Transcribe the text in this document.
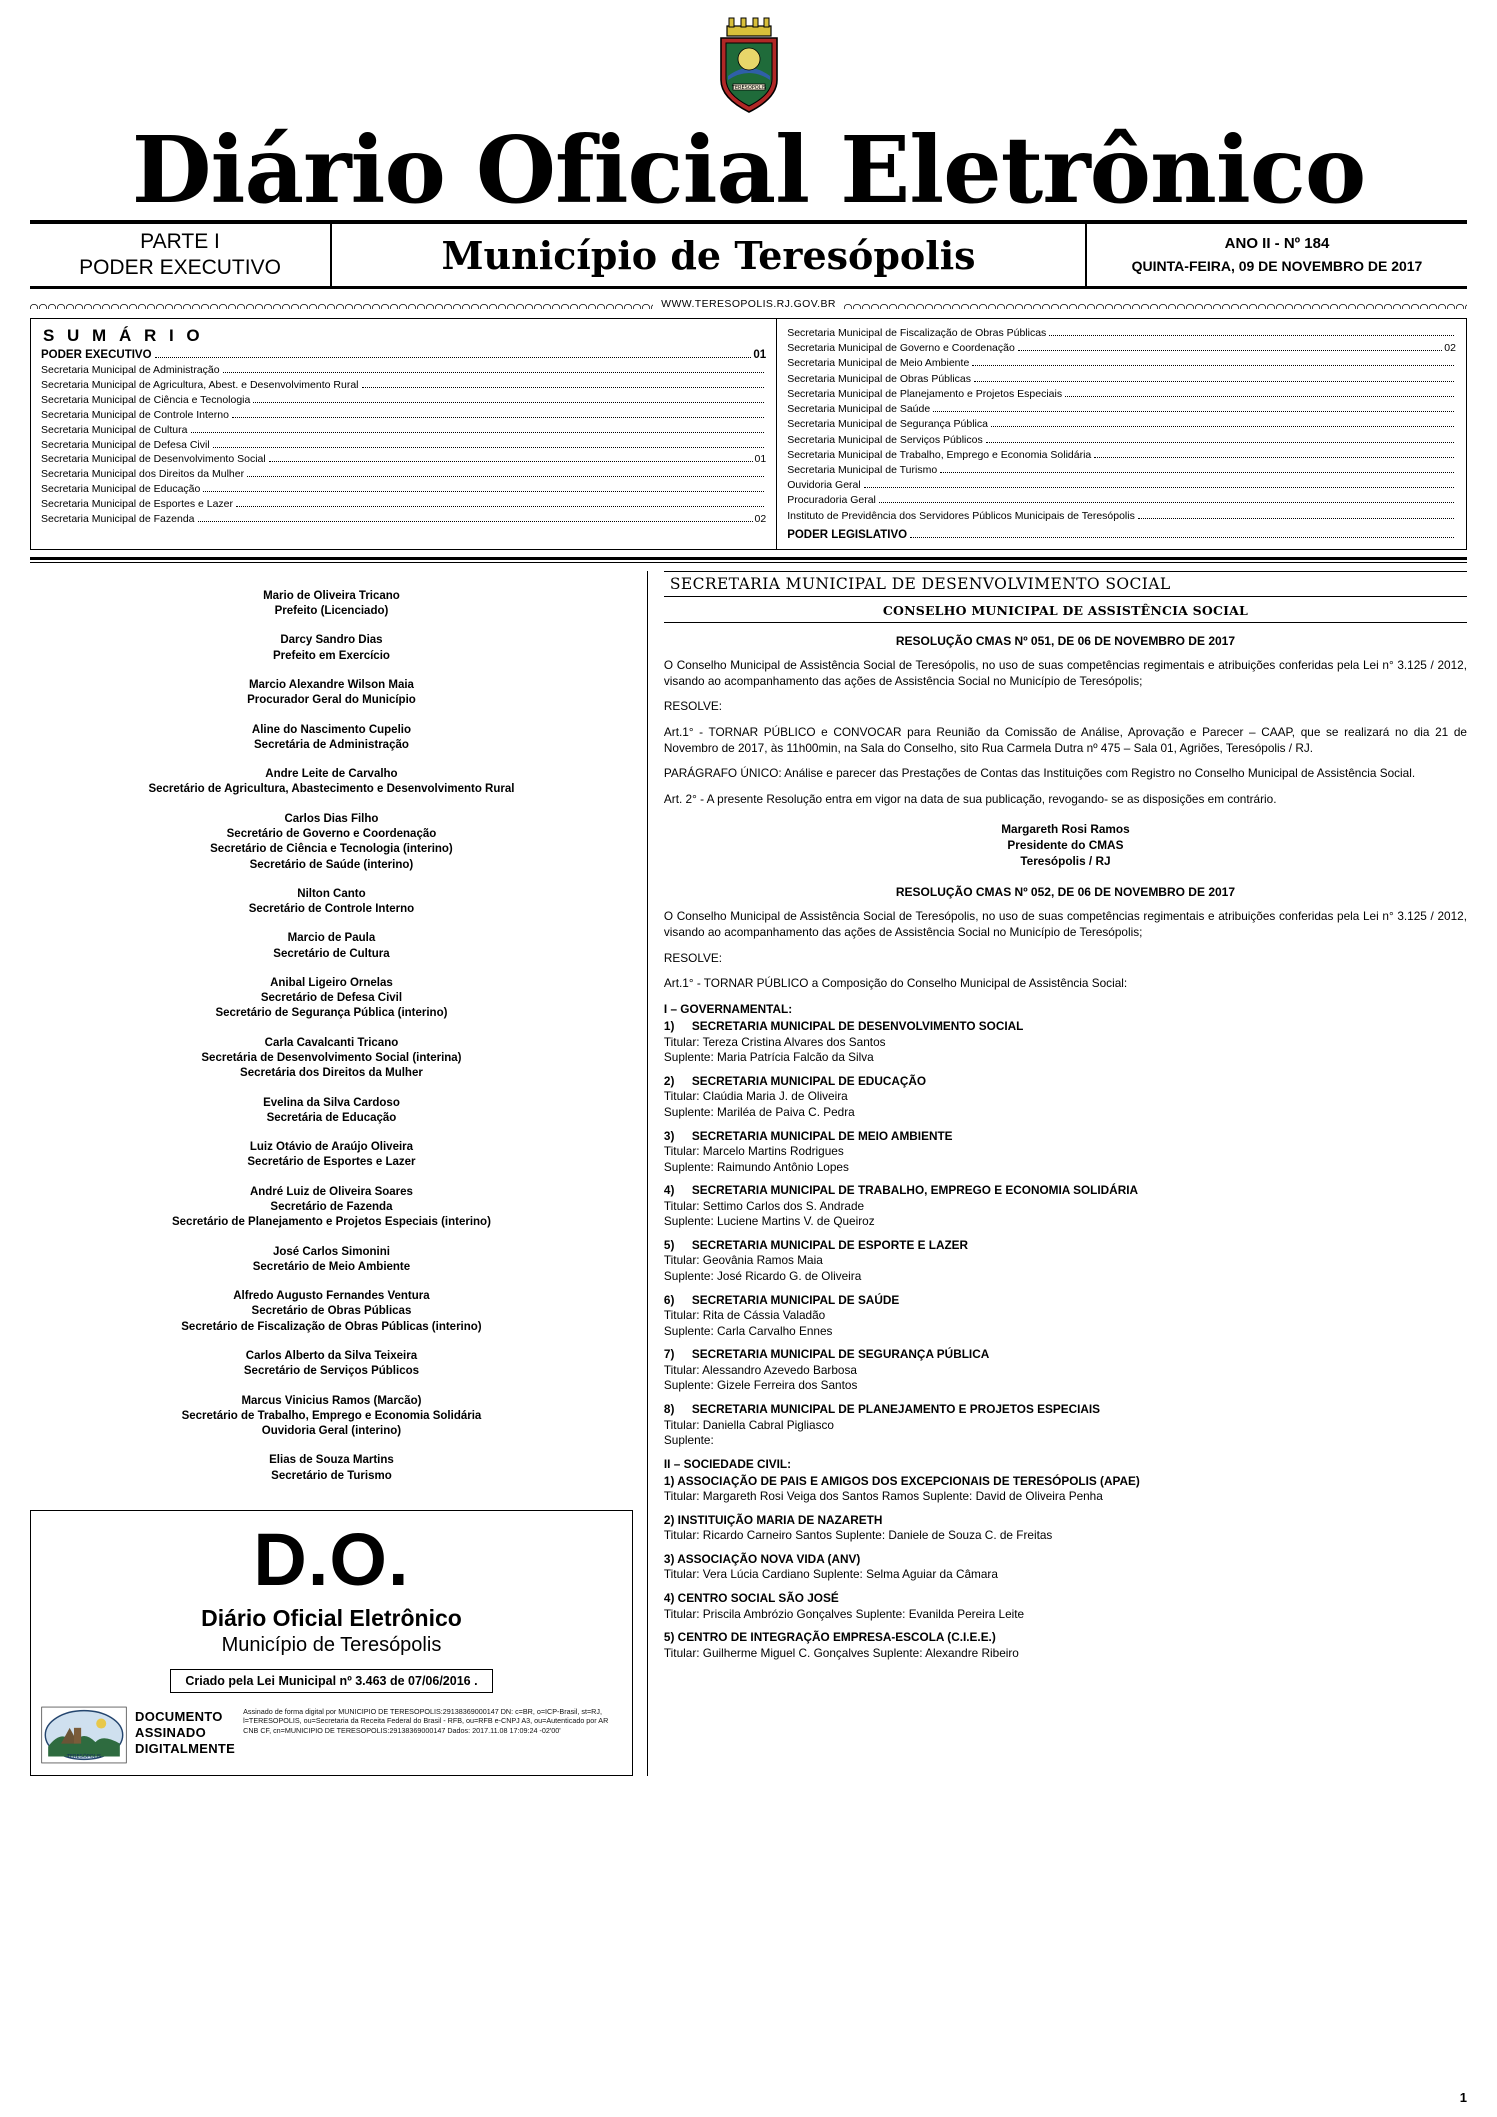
TERESOPOLIS
Diário Oficial Eletrônico
PARTE I
PODER EXECUTIVO	Município de Teresópolis	ANO II - Nº 184
QUINTA-FEIRA, 09 DE NOVEMBRO DE 2017
WWW.TERESOPOLIS.RJ.GOV.BR
S U M Á R I O
PODER EXECUTIVO	01
Secretaria Municipal de Administração
Secretaria Municipal de Agricultura, Abest. e Desenvolvimento Rural
Secretaria Municipal de Ciência e Tecnologia
Secretaria Municipal de Controle Interno
Secretaria Municipal de Cultura
Secretaria Municipal de Defesa Civil
Secretaria Municipal de Desenvolvimento Social	01
Secretaria Municipal dos Direitos da Mulher
Secretaria Municipal de Educação
Secretaria Municipal de Esportes e Lazer
Secretaria Municipal de Fazenda	02
Secretaria Municipal de Fiscalização de Obras Públicas
Secretaria Municipal de Governo e Coordenação	02
Secretaria Municipal de Meio Ambiente
Secretaria Municipal de Obras Públicas
Secretaria Municipal de Planejamento e Projetos Especiais
Secretaria Municipal de Saúde
Secretaria Municipal de Segurança Pública
Secretaria Municipal de Serviços Públicos
Secretaria Municipal de Trabalho, Emprego e Economia Solidária
Secretaria Municipal de Turismo
Ouvidoria Geral
Procuradoria Geral
Instituto de Previdência dos Servidores Públicos Municipais de Teresópolis
PODER LEGISLATIVO
Mario de Oliveira Tricano
Prefeito (Licenciado)
Darcy Sandro Dias
Prefeito em Exercício
Marcio Alexandre Wilson Maia
Procurador Geral do Município
Aline do Nascimento Cupelio
Secretária de Administração
Andre Leite de Carvalho
Secretário de Agricultura, Abastecimento e Desenvolvimento Rural
Carlos Dias Filho
Secretário de Governo e Coordenação
Secretário de Ciência e Tecnologia (interino)
Secretário de Saúde (interino)
Nilton Canto
Secretário de Controle Interno
Marcio de Paula
Secretário de Cultura
Anibal Ligeiro Ornelas
Secretário de Defesa Civil
Secretário de Segurança Pública (interino)
Carla Cavalcanti Tricano
Secretária de Desenvolvimento Social (interina)
Secretária dos Direitos da Mulher
Evelina da Silva Cardoso
Secretária de Educação
Luiz Otávio de Araújo Oliveira
Secretário de Esportes e Lazer
André Luiz de Oliveira Soares
Secretário de Fazenda
Secretário de Planejamento e Projetos Especiais (interino)
José Carlos Simonini
Secretário de Meio Ambiente
Alfredo Augusto Fernandes Ventura
Secretário de Obras Públicas
Secretário de Fiscalização de Obras Públicas (interino)
Carlos Alberto da Silva Teixeira
Secretário de Serviços Públicos
Marcus Vinicius Ramos (Marcão)
Secretário de Trabalho, Emprego e Economia Solidária
Ouvidoria Geral (interino)
Elias de Souza Martins
Secretário de Turismo
D.O.
Diário Oficial Eletrônico
Município de Teresópolis
Criado pela Lei Municipal nº 3.463 de 07/06/2016 .
TERESÓPOLIS
DOCUMENTO
ASSINADO
DIGITALMENTE
Assinado de forma digital por MUNICIPIO DE TERESOPOLIS:29138369000147 DN: c=BR, o=ICP-Brasil, st=RJ, l=TERESOPOLIS, ou=Secretaria da Receita Federal do Brasil - RFB, ou=RFB e-CNPJ A3, ou=Autenticado por AR CNB CF, cn=MUNICIPIO DE TERESOPOLIS:29138369000147 Dados: 2017.11.08 17:09:24 -02'00'
SECRETARIA MUNICIPAL DE DESENVOLVIMENTO SOCIAL
CONSELHO MUNICIPAL DE ASSISTÊNCIA SOCIAL
RESOLUÇÃO CMAS Nº 051, DE 06 DE NOVEMBRO DE 2017

O Conselho Municipal de Assistência Social de Teresópolis, no uso de suas competências regimentais e atribuições conferidas pela Lei n° 3.125 / 2012, visando ao acompanhamento das ações de Assistência Social no Município de Teresópolis;

RESOLVE:

Art.1° - TORNAR PÚBLICO e CONVOCAR para Reunião da Comissão de Análise, Aprovação e Parecer – CAAP, que se realizará no dia 21 de Novembro de 2017, às 11h00min, na Sala do Conselho, sito Rua Carmela Dutra nº 475 – Sala 01, Agriões, Teresópolis / RJ.

PARÁGRAFO ÚNICO: Análise e parecer das Prestações de Contas das Instituições com Registro no Conselho Municipal de Assistência Social.

Art. 2° - A presente Resolução entra em vigor na data de sua publicação, revogando- se as disposições em contrário.

Margareth Rosi Ramos
Presidente do CMAS
Teresópolis / RJ
RESOLUÇÃO CMAS Nº 052, DE 06 DE NOVEMBRO DE 2017

O Conselho Municipal de Assistência Social de Teresópolis, no uso de suas competências regimentais e atribuições conferidas pela Lei n° 3.125 / 2012, visando ao acompanhamento das ações de Assistência Social no Município de Teresópolis;

RESOLVE:

Art.1° - TORNAR PÚBLICO a Composição do Conselho Municipal de Assistência Social:

I – GOVERNAMENTAL:
1) SECRETARIA MUNICIPAL DE DESENVOLVIMENTO SOCIAL
Titular: Tereza Cristina Alvares dos Santos
Suplente: Maria Patrícia Falcão da Silva
2) SECRETARIA MUNICIPAL DE EDUCAÇÃO
Titular: Claúdia Maria J. de Oliveira
Suplente: Mariléa de Paiva C. Pedra
3) SECRETARIA MUNICIPAL DE MEIO AMBIENTE
Titular: Marcelo Martins Rodrigues
Suplente: Raimundo Antônio Lopes
4) SECRETARIA MUNICIPAL DE TRABALHO, EMPREGO E ECONOMIA SOLIDÁRIA
Titular: Settimo Carlos dos S. Andrade
Suplente: Luciene Martins V. de Queiroz
5) SECRETARIA MUNICIPAL DE ESPORTE E LAZER
Titular: Geovânia Ramos Maia
Suplente: José Ricardo G. de Oliveira
6) SECRETARIA MUNICIPAL DE SAÚDE
Titular: Rita de Cássia Valadão
Suplente: Carla Carvalho Ennes
7) SECRETARIA MUNICIPAL DE SEGURANÇA PÚBLICA
Titular: Alessandro Azevedo Barbosa
Suplente: Gizele Ferreira dos Santos
8) SECRETARIA MUNICIPAL DE PLANEJAMENTO E PROJETOS ESPECIAIS
Titular: Daniella Cabral Pigliasco
Suplente:
II – SOCIEDADE CIVIL:
1) ASSOCIAÇÃO DE PAIS E AMIGOS DOS EXCEPCIONAIS DE TERESÓPOLIS (APAE)
Titular: Margareth Rosi Veiga dos Santos Ramos Suplente: David de Oliveira Penha
2) INSTITUIÇÃO MARIA DE NAZARETH
Titular: Ricardo Carneiro Santos Suplente: Daniele de Souza C. de Freitas
3) ASSOCIAÇÃO NOVA VIDA (ANV)
Titular: Vera Lúcia Cardiano Suplente: Selma Aguiar da Câmara
4) CENTRO SOCIAL SÃO JOSÉ
Titular: Priscila Ambrózio Gonçalves Suplente: Evanilda Pereira Leite
5) CENTRO DE INTEGRAÇÃO EMPRESA-ESCOLA (C.I.E.E.)
Titular: Guilherme Miguel C. Gonçalves Suplente: Alexandre Ribeiro
1
